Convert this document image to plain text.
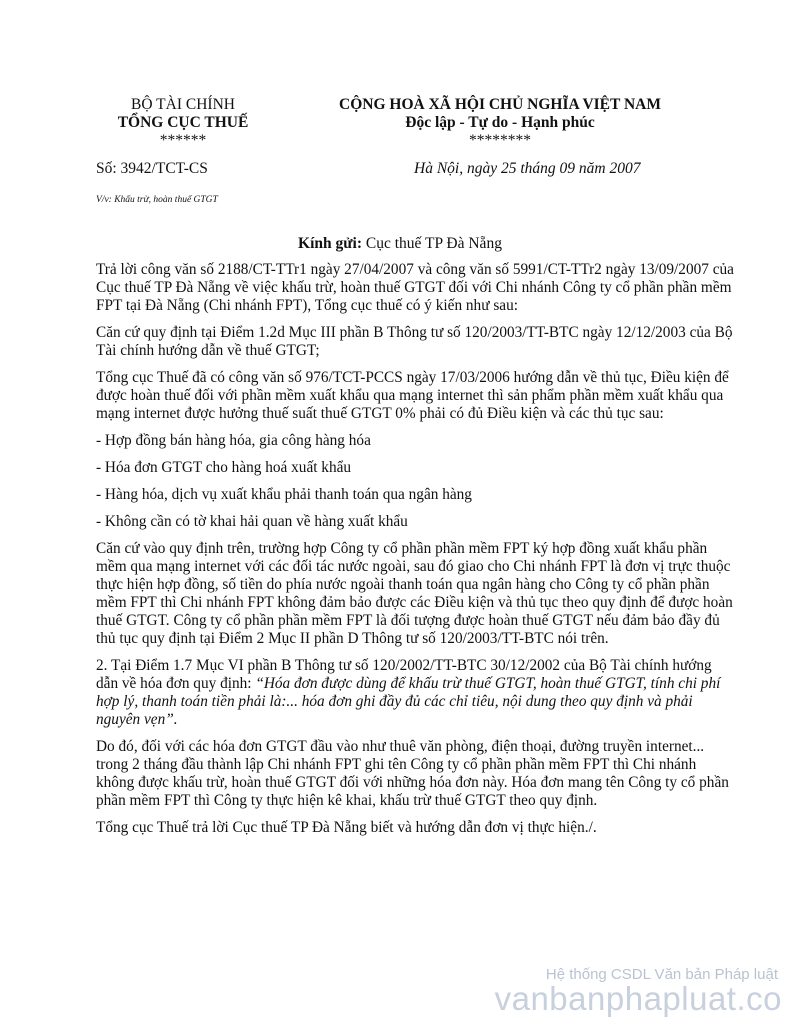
BỘ TÀI CHÍNH
TỔNG CỤC THUẾ
******
CỘNG HOÀ XÃ HỘI CHỦ NGHĨA VIỆT NAM
Độc lập - Tự do - Hạnh phúc
********
Số: 3942/TCT-CS	Hà Nội, ngày 25 tháng 09 năm 2007
V/v: Khấu trừ, hoàn thuế GTGT
Kính gửi: Cục thuế TP Đà Nẵng

Trả lời công văn số 2188/CT-TTr1 ngày 27/04/2007 và công văn số 5991/CT-TTr2 ngày 13/09/2007 của Cục thuế TP Đà Nẵng về việc khấu trừ, hoàn thuế GTGT đối với Chi nhánh Công ty cổ phần phần mềm FPT tại Đà Nẵng (Chi nhánh FPT), Tổng cục thuế có ý kiến như sau:

Căn cứ quy định tại Điểm 1.2d Mục III phần B Thông tư số 120/2003/TT-BTC ngày 12/12/2003 của Bộ Tài chính hướng dẫn về thuế GTGT;

Tổng cục Thuế đã có công văn số 976/TCT-PCCS ngày 17/03/2006 hướng dẫn về thủ tục, Điều kiện để được hoàn thuế đối với phần mềm xuất khẩu qua mạng internet thì sản phẩm phần mềm xuất khẩu qua mạng internet được hưởng thuế suất thuế GTGT 0% phải có đủ Điều kiện và các thủ tục sau:

- Hợp đồng bán hàng hóa, gia công hàng hóa

- Hóa đơn GTGT cho hàng hoá xuất khẩu

- Hàng hóa, dịch vụ xuất khẩu phải thanh toán qua ngân hàng

- Không cần có tờ khai hải quan về hàng xuất khẩu

Căn cứ vào quy định trên, trường hợp Công ty cổ phần phần mềm FPT ký hợp đồng xuất khẩu phần mềm qua mạng internet với các đối tác nước ngoài, sau đó giao cho Chi nhánh FPT là đơn vị trực thuộc thực hiện hợp đồng, số tiền do phía nước ngoài thanh toán qua ngân hàng cho Công ty cổ phần phần mềm FPT thì Chi nhánh FPT không đảm bảo được các Điều kiện và thủ tục theo quy định để được hoàn thuế GTGT. Công ty cổ phần phần mềm FPT là đối tượng được hoàn thuế GTGT nếu đảm bảo đầy đủ thủ tục quy định tại Điểm 2 Mục II phần D Thông tư số 120/2003/TT-BTC nói trên.

2. Tại Điểm 1.7 Mục VI phần B Thông tư số 120/2002/TT-BTC 30/12/2002 của Bộ Tài chính hướng dẫn về hóa đơn quy định: “Hóa đơn được dùng để khấu trừ thuế GTGT, hoàn thuế GTGT, tính chi phí hợp lý, thanh toán tiền phải là:... hóa đơn ghi đầy đủ các chỉ tiêu, nội dung theo quy định và phải nguyên vẹn”.

Do đó, đối với các hóa đơn GTGT đầu vào như thuê văn phòng, điện thoại, đường truyền internet... trong 2 tháng đầu thành lập Chi nhánh FPT ghi tên Công ty cổ phần phần mềm FPT thì Chi nhánh không được khấu trừ, hoàn thuế GTGT đối với những hóa đơn này. Hóa đơn mang tên Công ty cổ phần phần mềm FPT thì Công ty thực hiện kê khai, khấu trừ thuế GTGT theo quy định.

Tổng cục Thuế trả lời Cục thuế TP Đà Nẵng biết và hướng dẫn đơn vị thực hiện./.

Hệ thống CSDL Văn bản Pháp luật
vanbanphapluat.co
